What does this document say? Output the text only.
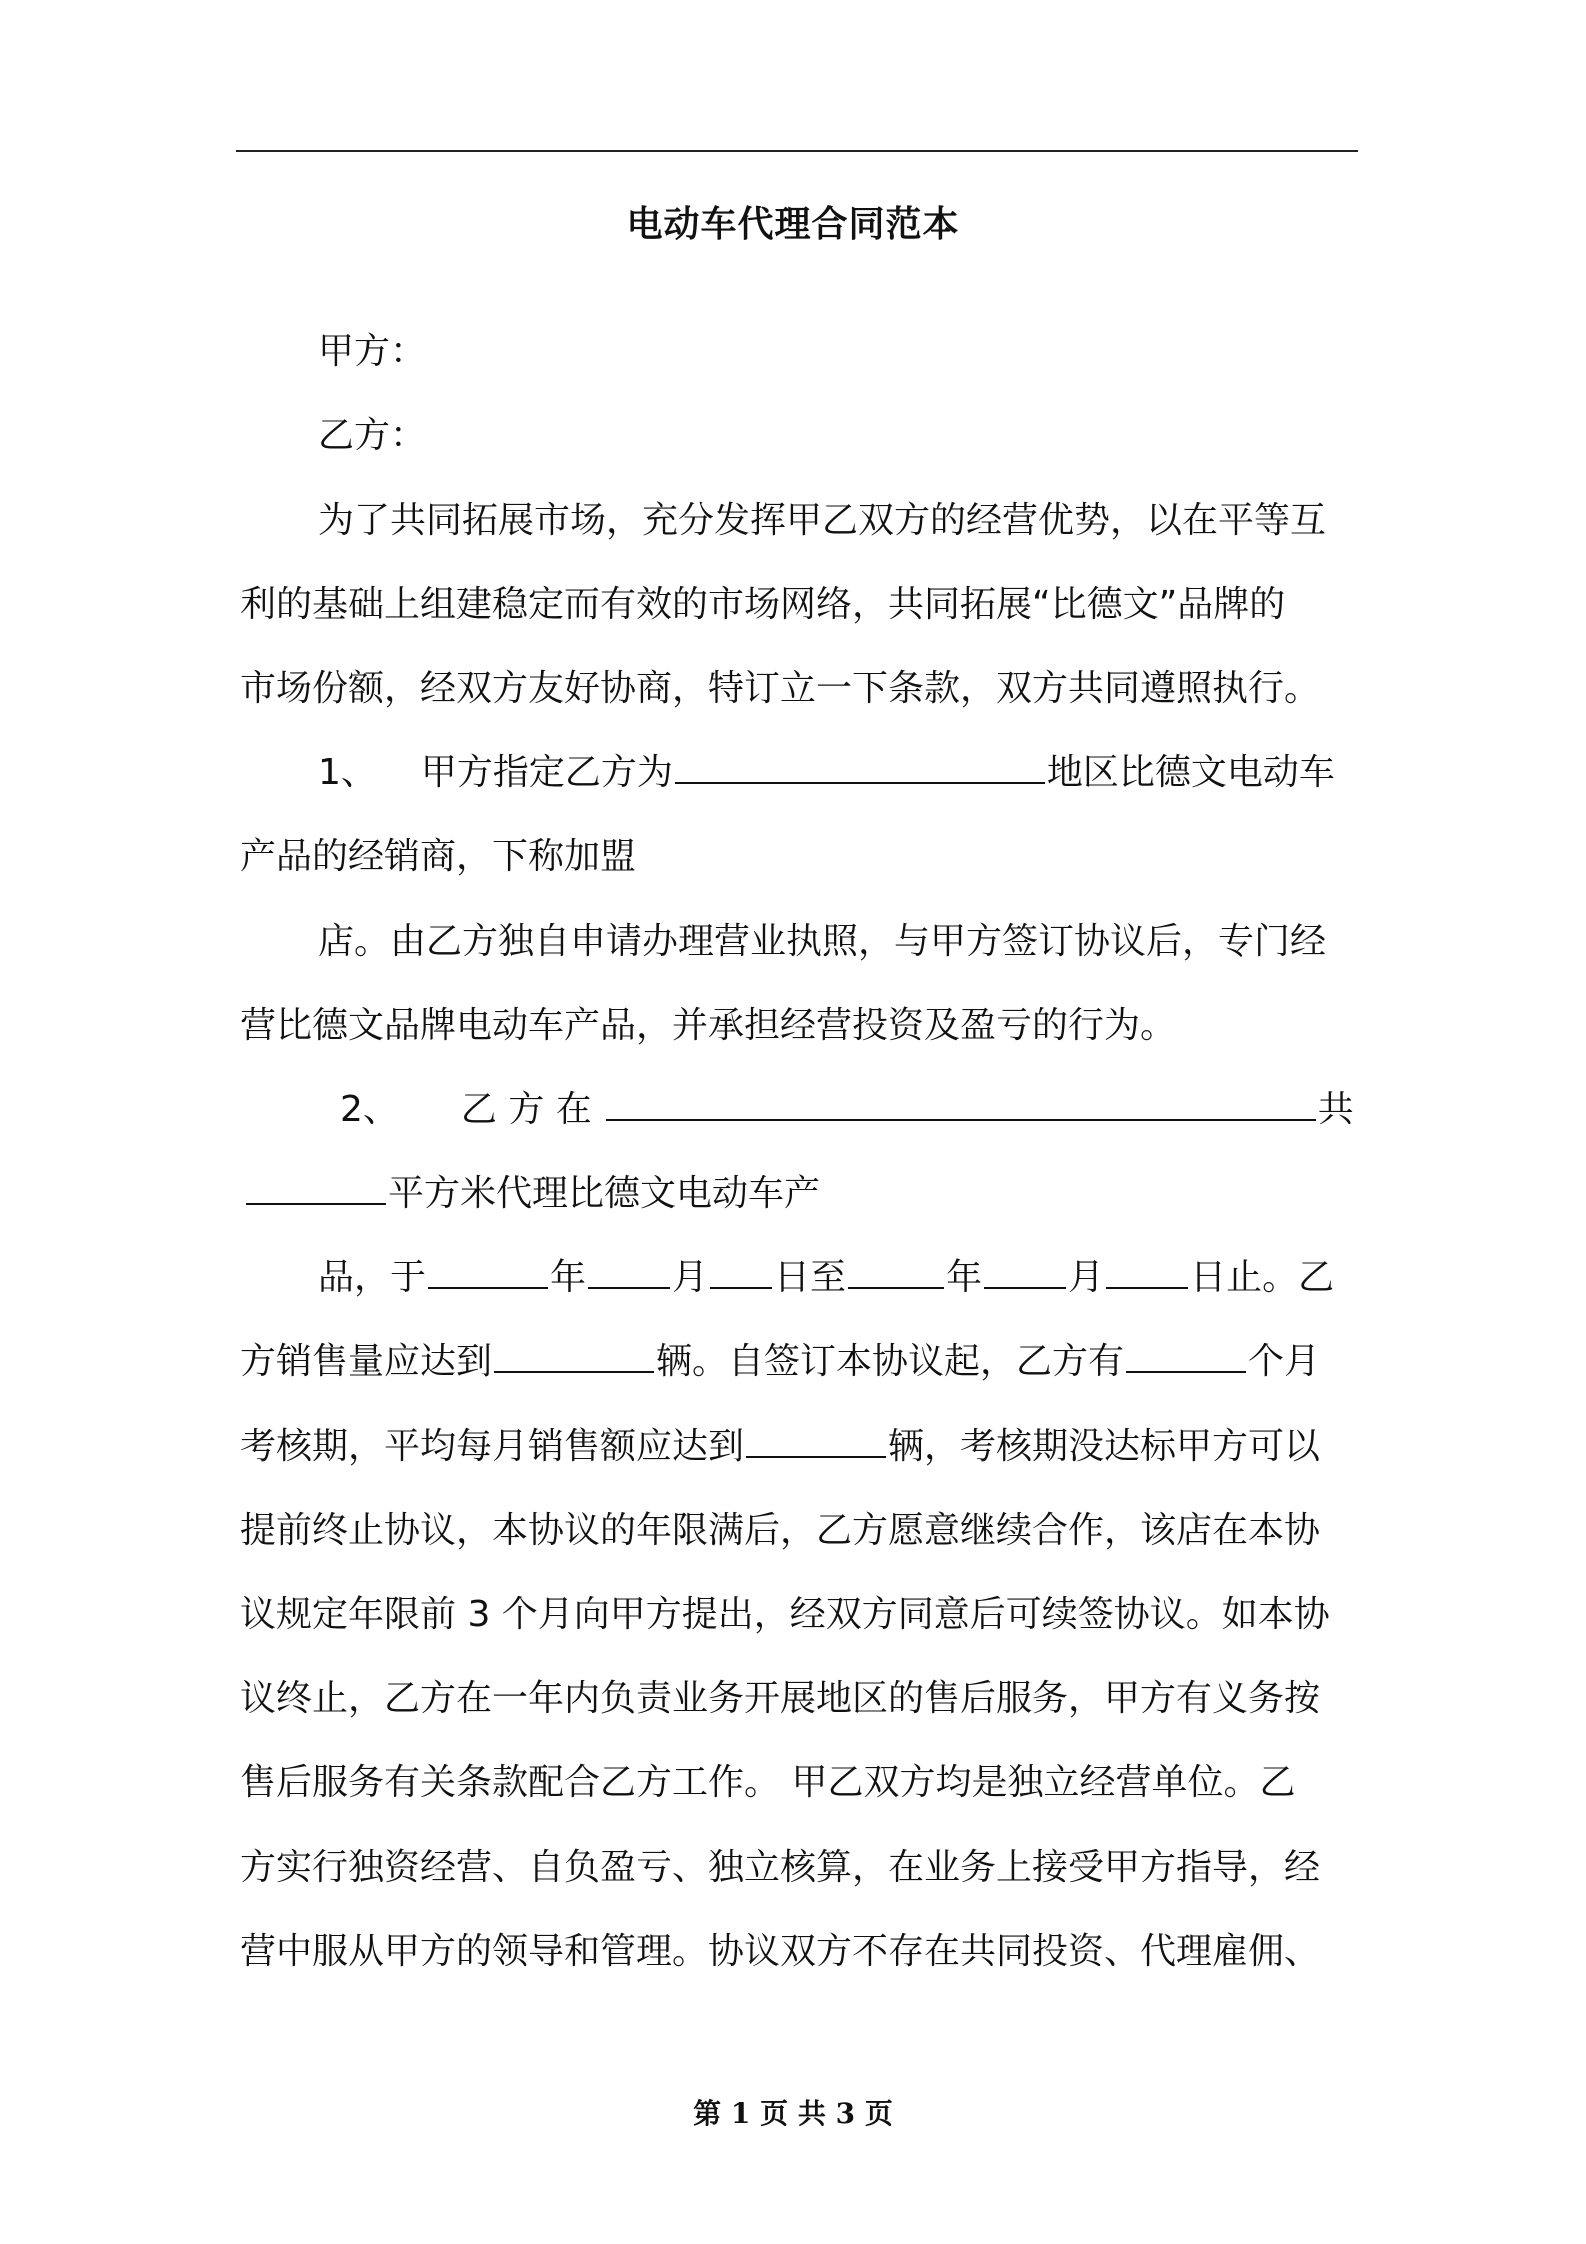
电动车代理合同范本

甲方：

乙方：

为了共同拓展市场，充分发挥甲乙双方的经营优势，以在平等互

利的基础上组建稳定而有效的市场网络，共同拓展“比德文”品牌的

市场份额，经双方友好协商，特订立一下条款，双方共同遵照执行。

1、 甲方指定乙方为	地区比德文电动车

产品的经销商，下称加盟

店。由乙方独自申请办理营业执照，与甲方签订协议后，专门经

营比德文品牌电动车产品，并承担经营投资及盈亏的行为。

2、 乙 方 在	共

平方米代理比德文电动车产

品，于	年 月 日至	年 月 日止。乙

方销售量应达到	辆。自签订本协议起，乙方有	个月

考核期，平均每月销售额应达到	辆，考核期没达标甲方可以

提前终止协议，本协议的年限满后，乙方愿意继续合作，该店在本协

议规定年限前 3 个月向甲方提出，经双方同意后可续签协议。如本协

议终止，乙方在一年内负责业务开展地区的售后服务，甲方有义务按

售后服务有关条款配合乙方工作。 甲乙双方均是独立经营单位。乙

方实行独资经营、自负盈亏、独立核算，在业务上接受甲方指导，经

营中服从甲方的领导和管理。协议双方不存在共同投资、代理雇佣、

第 1 页 共 3 页
